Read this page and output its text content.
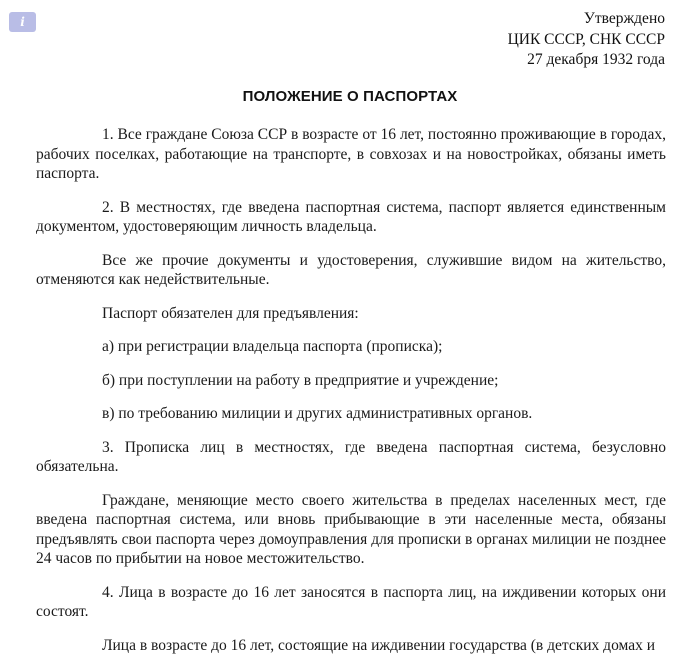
i	Утверждено
ЦИК СССР, СНК СССР
27 декабря 1932 года
ПОЛОЖЕНИЕ О ПАСПОРТАХ

1. Все граждане Союза ССР в возрасте от 16 лет, постоянно проживающие в городах, рабочих поселках, работающие на транспорте, в совхозах и на новостройках, обязаны иметь паспорта.

2. В местностях, где введена паспортная система, паспорт является единственным документом, удостоверяющим личность владельца.

Все же прочие документы и удостоверения, служившие видом на жительство, отменяются как недействительные.

Паспорт обязателен для предъявления:

а) при регистрации владельца паспорта (прописка);

б) при поступлении на работу в предприятие и учреждение;

в) по требованию милиции и других административных органов.

3. Прописка лиц в местностях, где введена паспортная система, безусловно обязательна.

Граждане, меняющие место своего жительства в пределах населенных мест, где введена паспортная система, или вновь прибывающие в эти населенные места, обязаны предъявлять свои паспорта через домоуправления для прописки в органах милиции не позднее 24 часов по прибытии на новое местожительство.

4. Лица в возрасте до 16 лет заносятся в паспорта лиц, на иждивении которых они состоят.

Лица в возрасте до 16 лет, состоящие на иждивении государства (в детских домах и
